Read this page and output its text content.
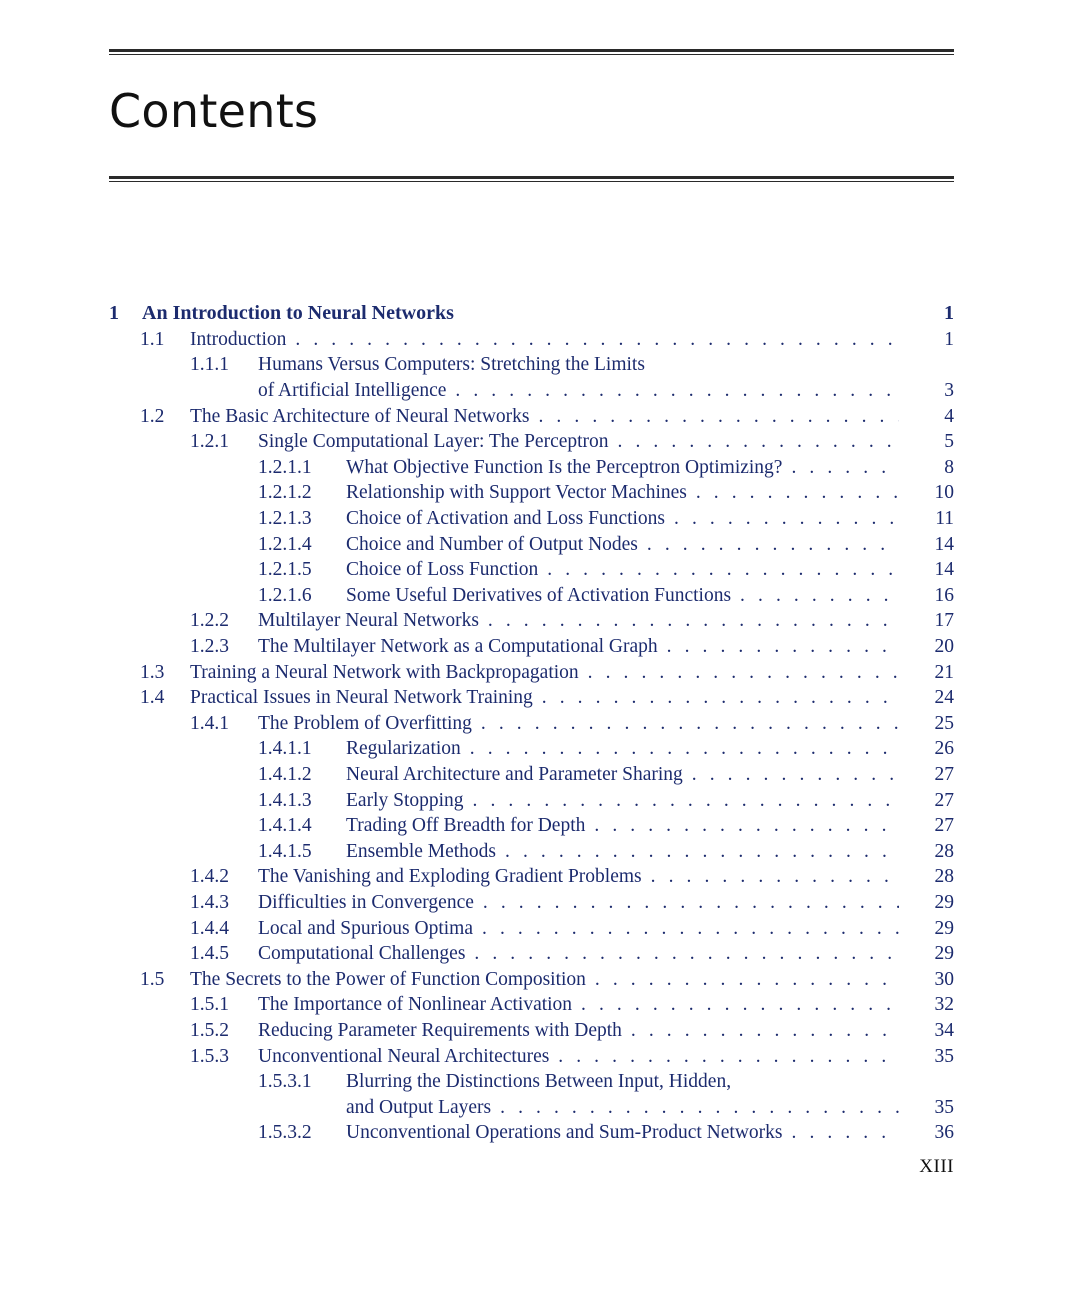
Contents
1 An Introduction to Neural Networks	1
1.1 Introduction . . .	1
1.1.1 Humans Versus Computers: Stretching the Limits
of Artificial Intelligence . . .	3
1.2 The Basic Architecture of Neural Networks . . .	4
1.2.1 Single Computational Layer: The Perceptron . . .	5
1.2.1.1 What Objective Function Is the Perceptron Optimizing? . . .	8
1.2.1.2 Relationship with Support Vector Machines . . .	10
1.2.1.3 Choice of Activation and Loss Functions . . .	11
1.2.1.4 Choice and Number of Output Nodes . . .	14
1.2.1.5 Choice of Loss Function . . .	14
1.2.1.6 Some Useful Derivatives of Activation Functions . . .	16
1.2.2 Multilayer Neural Networks . . .	17
1.2.3 The Multilayer Network as a Computational Graph . . .	20
1.3 Training a Neural Network with Backpropagation . . .	21
1.4 Practical Issues in Neural Network Training . . .	24
1.4.1 The Problem of Overfitting . . .	25
1.4.1.1 Regularization . . .	26
1.4.1.2 Neural Architecture and Parameter Sharing . . .	27
1.4.1.3 Early Stopping . . .	27
1.4.1.4 Trading Off Breadth for Depth . . .	27
1.4.1.5 Ensemble Methods . . .	28
1.4.2 The Vanishing and Exploding Gradient Problems . . .	28
1.4.3 Difficulties in Convergence . . .	29
1.4.4 Local and Spurious Optima . . .	29
1.4.5 Computational Challenges . . .	29
1.5 The Secrets to the Power of Function Composition . . .	30
1.5.1 The Importance of Nonlinear Activation . . .	32
1.5.2 Reducing Parameter Requirements with Depth . . .	34
1.5.3 Unconventional Neural Architectures . . .	35
1.5.3.1 Blurring the Distinctions Between Input, Hidden,
and Output Layers . . .	35
1.5.3.2 Unconventional Operations and Sum-Product Networks . . .	36
XIII
